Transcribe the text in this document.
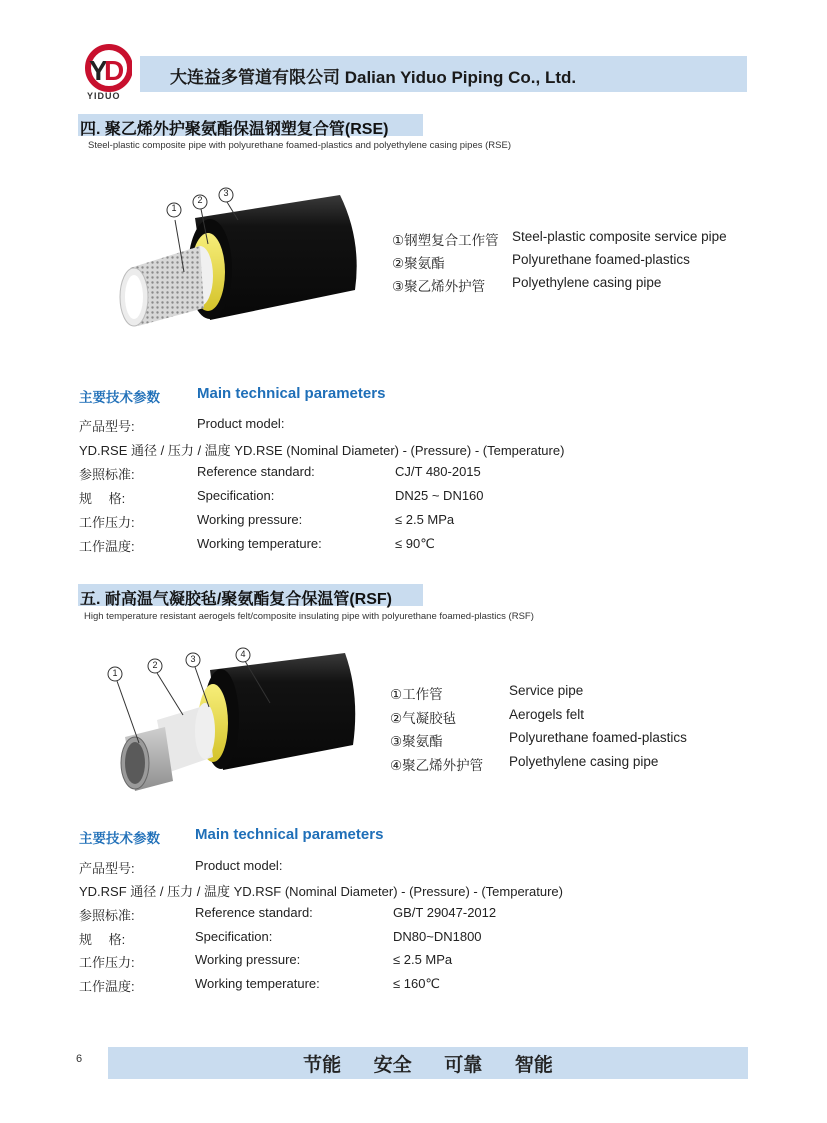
Y
D
YIDUO
大连益多管道有限公司 Dalian Yiduo Piping Co., Ltd.
四. 聚乙烯外护聚氨酯保温钢塑复合管(RSE)
Steel-plastic composite pipe with polyurethane foamed-plastics and polyethylene casing pipes (RSE)
1
2
3
①钢塑复合工作管 Steel-plastic composite service pipe
②聚氨酯	Polyurethane foamed-plastics
③聚乙烯外护管 Polyethylene casing pipe
主要技术参数 Main technical parameters
产品型号:	Product model:
YD.RSE 通径 / 压力 / 温度 YD.RSE (Nominal Diameter) - (Pressure) - (Temperature)
参照标准:	Reference standard:	CJ/T 480-2015
规　 格:	Specification:	DN25 ~ DN160
工作压力:	Working pressure:	≤ 2.5 MPa
工作温度:	Working temperature:	≤ 90℃
五. 耐高温气凝胶毡/聚氨酯复合保温管(RSF)
High temperature resistant aerogels felt/composite insulating pipe with polyurethane foamed-plastics (RSF)
1
2
3	4
①工作管	Service pipe
②气凝胶毡	Aerogels felt
③聚氨酯	Polyurethane foamed-plastics
④聚乙烯外护管 Polyethylene casing pipe
主要技术参数 Main technical parameters
产品型号:	Product model:
YD.RSF 通径 / 压力 / 温度 YD.RSF (Nominal Diameter) - (Pressure) - (Temperature)
参照标准:	Reference standard:	GB/T 29047-2012
规　 格:	Specification:	DN80~DN1800
工作压力:	Working pressure:	≤ 2.5 MPa
工作温度:	Working temperature:	≤ 160℃
6	节能 安全 可靠 智能
